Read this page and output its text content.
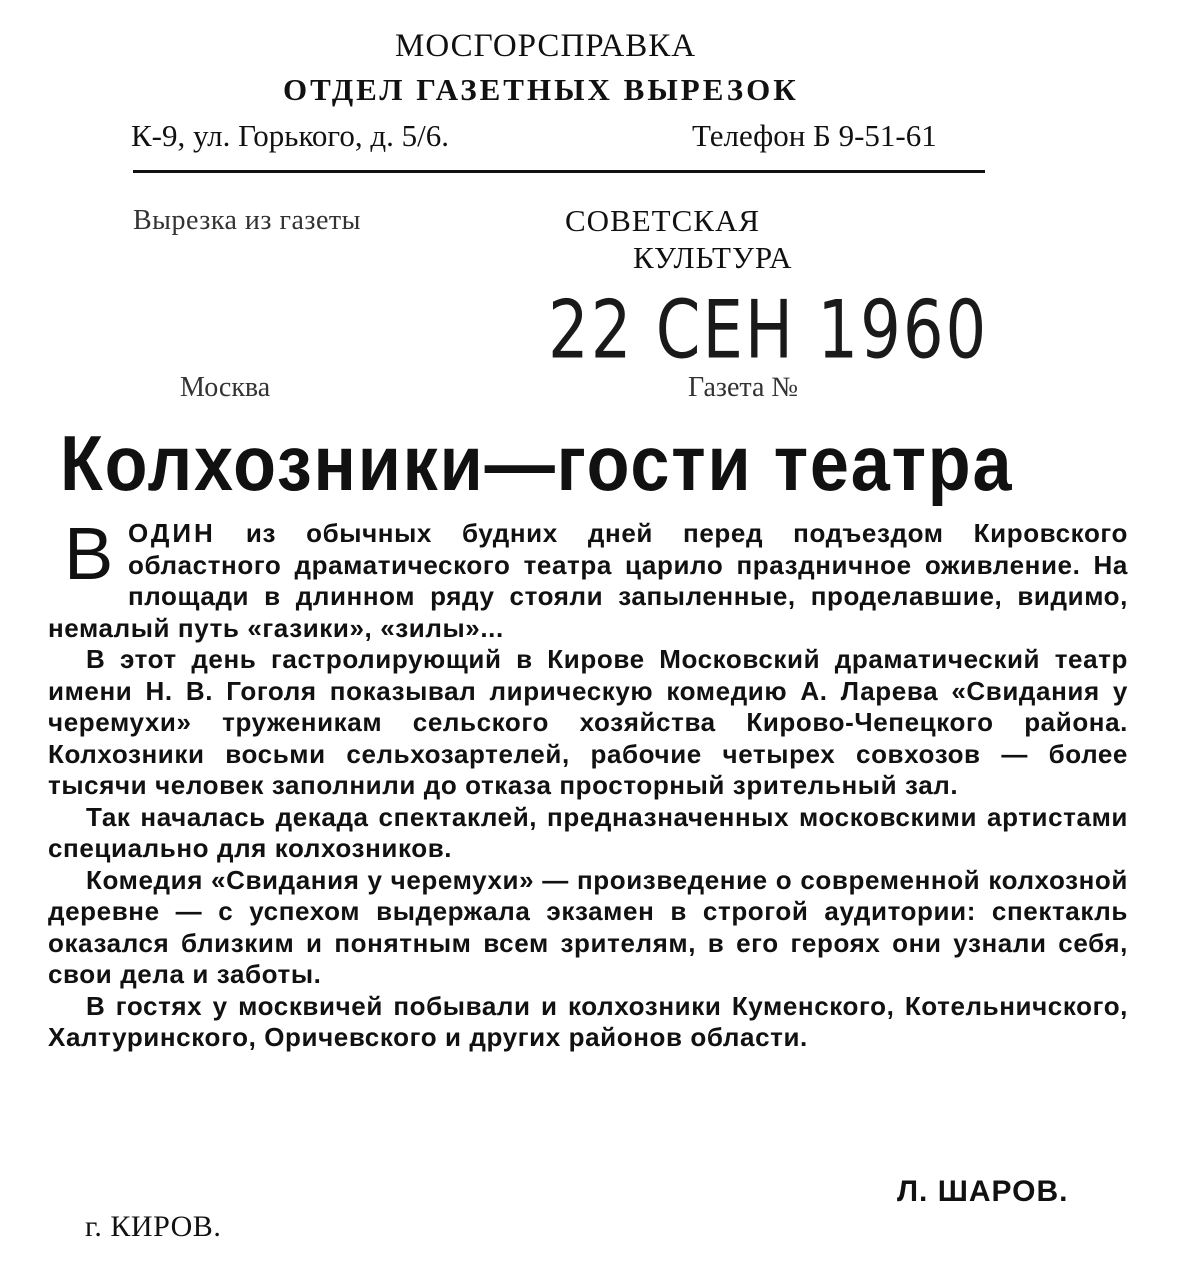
МОСГОРСПРАВКА
ОТДЕЛ ГАЗЕТНЫХ ВЫРЕЗОК
К-9, ул. Горького, д. 5/6.	Телефон Б 9-51-61
Вырезка из газеты	СОВЕТСКАЯ
КУЛЬТУРА
22 СЕН 1960
Москва	Газета №
Колхозники—гости театра

ВОДИН из обычных будних дней перед подъездом Кировского областного драматического театра царило праздничное оживление. На площади в длинном ряду стояли запыленные, проделавшие, видимо, немалый путь «газики», «зилы»...

В этот день гастролирующий в Кирове Московский драматический театр имени Н. В. Гоголя показывал лирическую комедию А. Ларева «Свидания у черемухи» труженикам сельского хозяйства Кирово-Чепецкого района. Колхозники восьми сельхозартелей, рабочие четырех совхозов — более тысячи человек заполнили до отказа просторный зрительный зал.

Так началась декада спектаклей, предназначенных московскими артистами специально для колхозников.

Комедия «Свидания у черемухи» — произведение о современной колхозной деревне — с успехом выдержала экзамен в строгой аудитории: спектакль оказался близким и понятным всем зрителям, в его героях они узнали себя, свои дела и заботы.

В гостях у москвичей побывали и колхозники Куменского, Котельничского, Халтуринского, Оричевского и других районов области.

Л. ШАРОВ.
г. КИРОВ.
